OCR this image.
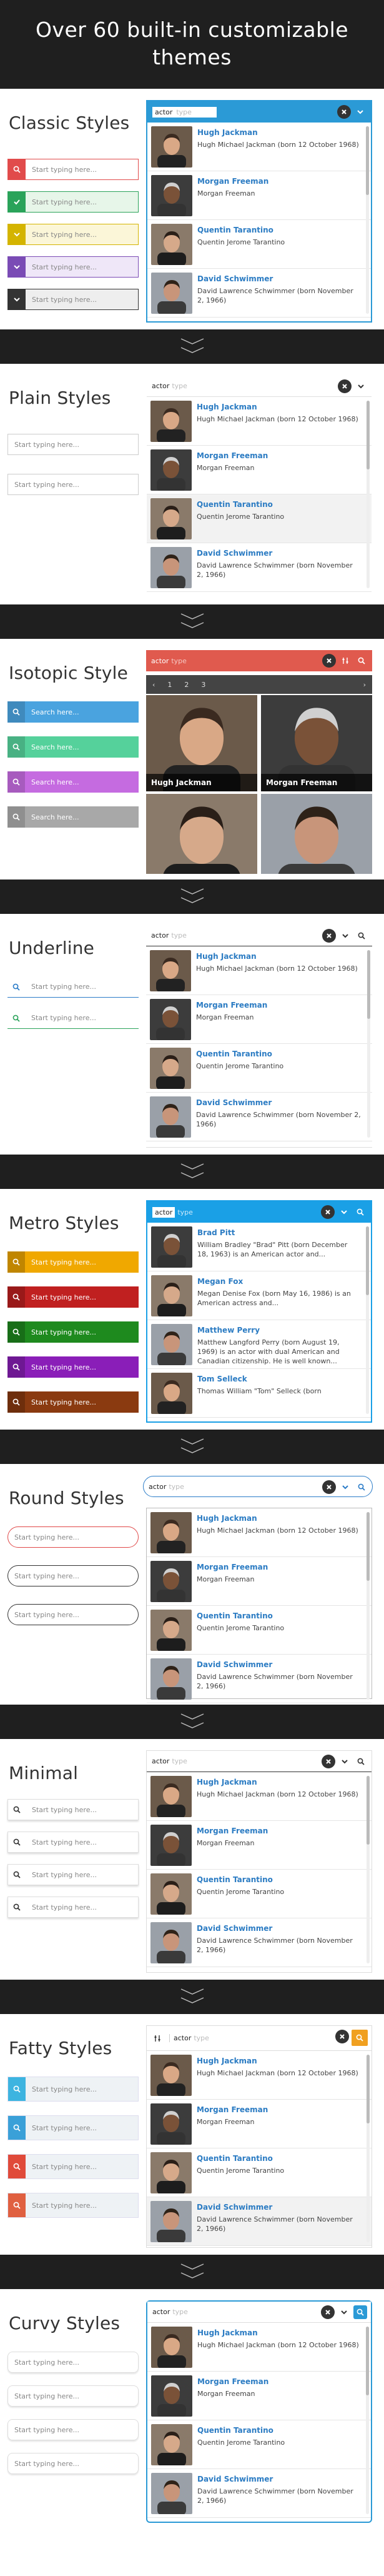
Over 60 built-in customizable themes
Classic Styles
Start typing here...
Start typing here...
Start typing here...
Start typing here...
Start typing here...
actor type
Hugh Jackman
Hugh Michael Jackman (born 12 October 1968)
Morgan Freeman
Morgan Freeman
Quentin Tarantino
Quentin Jerome Tarantino
David Schwimmer
David Lawrence Schwimmer (born November 2, 1966)
Plain Styles
Start typing here...
Start typing here...
actor type
Hugh Jackman
Hugh Michael Jackman (born 12 October 1968)
Morgan Freeman
Morgan Freeman
Quentin Tarantino
Quentin Jerome Tarantino
David Schwimmer
David Lawrence Schwimmer (born November 2, 1966)
Isotopic Style
Search here...
Search here...
Search here...
Search here...
actor type
‹	1	2	3	›
Hugh Jackman	Morgan Freeman
Underline
Start typing here...
Start typing here...
actor type
Hugh Jackman
Hugh Michael Jackman (born 12 October 1968)
Morgan Freeman
Morgan Freeman
Quentin Tarantino
Quentin Jerome Tarantino
David Schwimmer
David Lawrence Schwimmer (born November 2, 1966)
Metro Styles
Start typing here...
Start typing here...
Start typing here...
Start typing here...
Start typing here...
actor type
Brad Pitt
William Bradley "Brad" Pitt (born December 18, 1963) is an American actor and...
Megan Fox
Megan Denise Fox (born May 16, 1986) is an American actress and...
Matthew Perry
Matthew Langford Perry (born August 19, 1969) is an actor with dual American and Canadian citizenship. He is well known...
Tom Selleck
Thomas William "Tom" Selleck (born
Round Styles
Start typing here...
Start typing here...
Start typing here...
actor type
Hugh Jackman
Hugh Michael Jackman (born 12 October 1968)
Morgan Freeman
Morgan Freeman
Quentin Tarantino
Quentin Jerome Tarantino
David Schwimmer
David Lawrence Schwimmer (born November 2, 1966)
Minimal
Start typing here...
Start typing here...
Start typing here...
Start typing here...
actor type
Hugh Jackman
Hugh Michael Jackman (born 12 October 1968)
Morgan Freeman
Morgan Freeman
Quentin Tarantino
Quentin Jerome Tarantino
David Schwimmer
David Lawrence Schwimmer (born November 2, 1966)
Fatty Styles
Start typing here...
Start typing here...
Start typing here...
Start typing here...
actor type
Hugh Jackman
Hugh Michael Jackman (born 12 October 1968)
Morgan Freeman
Morgan Freeman
Quentin Tarantino
Quentin Jerome Tarantino
David Schwimmer
David Lawrence Schwimmer (born November 2, 1966)
Curvy Styles
Start typing here...
Start typing here...
Start typing here...
Start typing here...
actor type
Hugh Jackman
Hugh Michael Jackman (born 12 October 1968)
Morgan Freeman
Morgan Freeman
Quentin Tarantino
Quentin Jerome Tarantino
David Schwimmer
David Lawrence Schwimmer (born November 2, 1966)
